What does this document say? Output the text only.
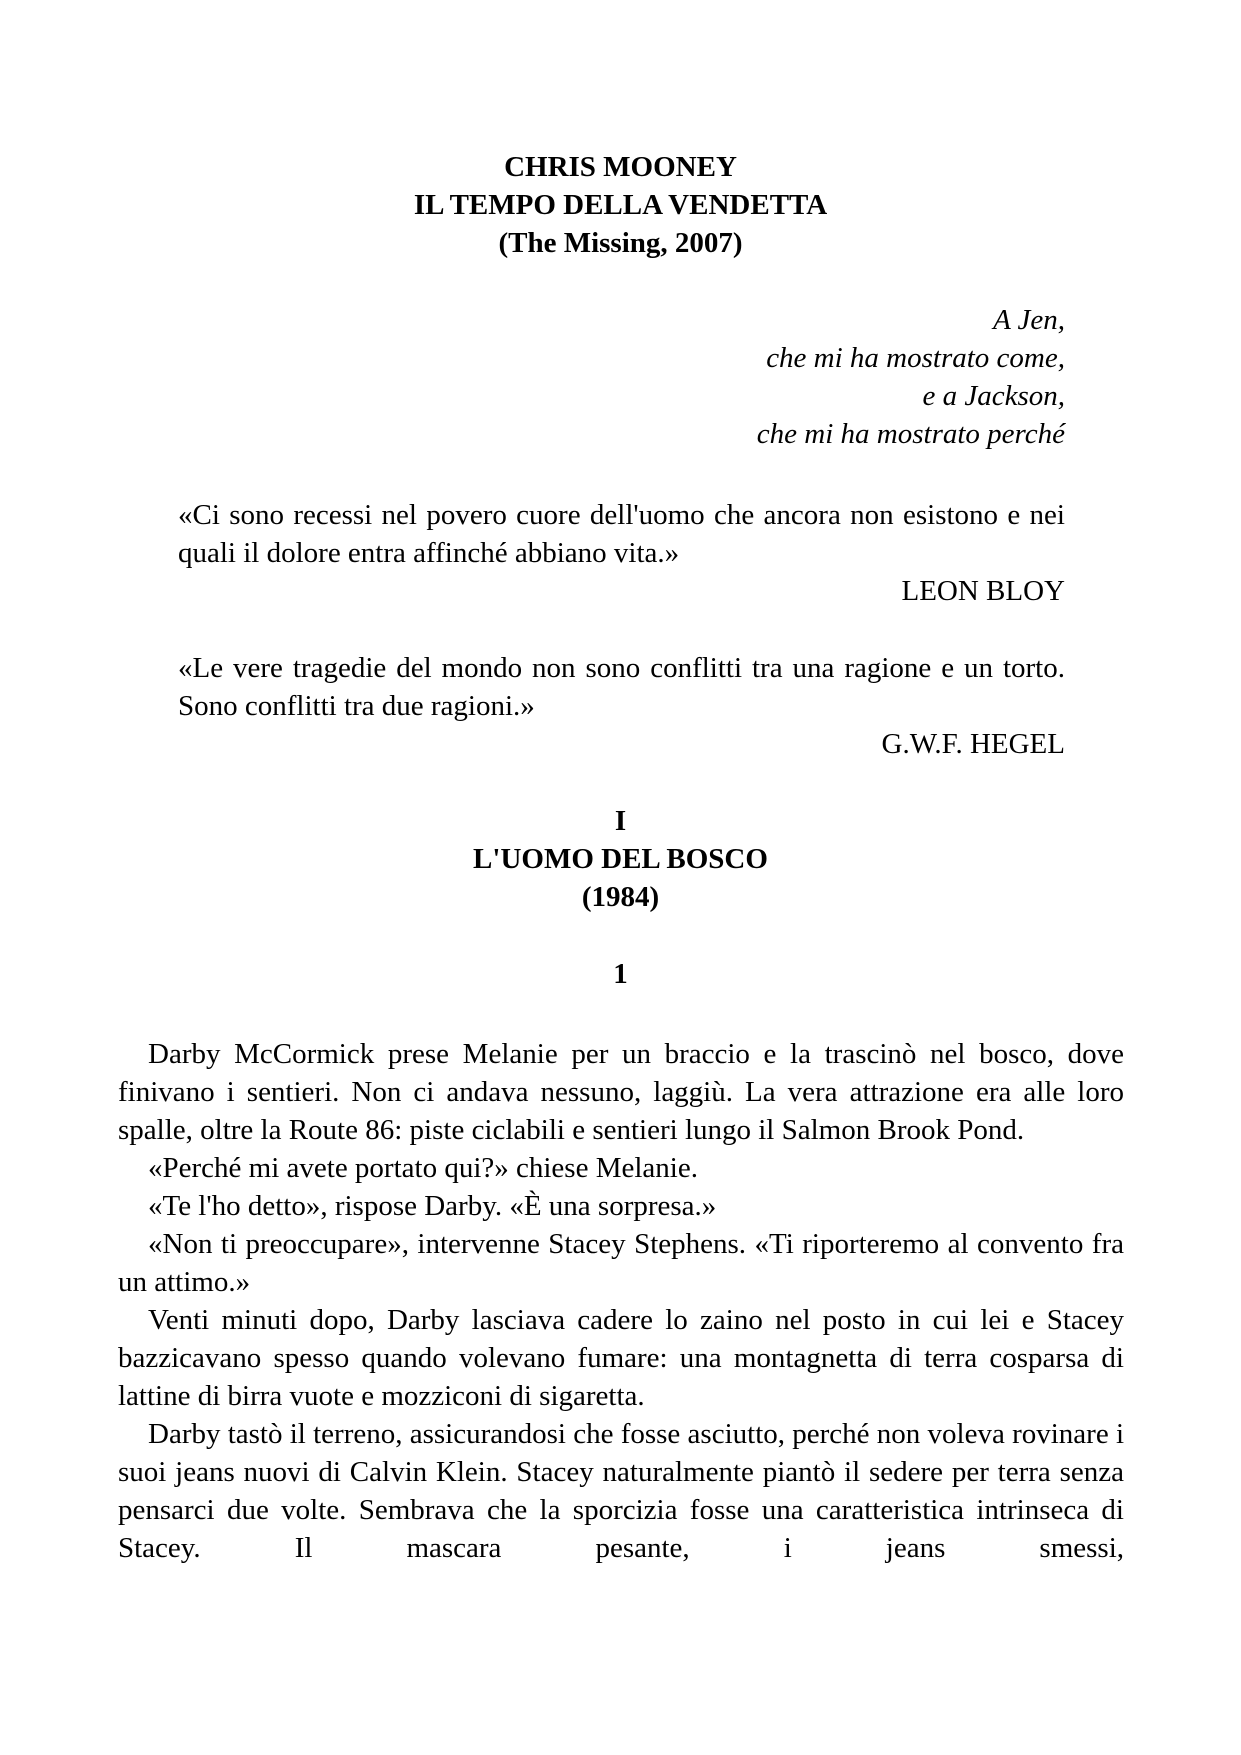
CHRIS MOONEY
IL TEMPO DELLA VENDETTA
(The Missing, 2007)
A Jen,
che mi ha mostrato come,
e a Jackson,
che mi ha mostrato perché
«Ci sono recessi nel povero cuore dell'uomo che ancora non esistono e nei quali il dolore entra affinché abbiano vita.»
LEON BLOY
«Le vere tragedie del mondo non sono conflitti tra una ragione e un torto. Sono conflitti tra due ragioni.»
G.W.F. HEGEL
I
L'UOMO DEL BOSCO
(1984)
1

Darby McCormick prese Melanie per un braccio e la trascinò nel bosco, dove finivano i sentieri. Non ci andava nessuno, laggiù. La vera attrazione era alle loro spalle, oltre la Route 86: piste ciclabili e sentieri lungo il Salmon Brook Pond.

«Perché mi avete portato qui?» chiese Melanie.

«Te l'ho detto», rispose Darby. «È una sorpresa.»

«Non ti preoccupare», intervenne Stacey Stephens. «Ti riporteremo al convento fra un attimo.»

Venti minuti dopo, Darby lasciava cadere lo zaino nel posto in cui lei e Stacey bazzicavano spesso quando volevano fumare: una montagnetta di terra cosparsa di lattine di birra vuote e mozziconi di sigaretta.

Darby tastò il terreno, assicurandosi che fosse asciutto, perché non voleva rovinare i suoi jeans nuovi di Calvin Klein. Stacey naturalmente piantò il sedere per terra senza pensarci due volte. Sembrava che la sporcizia fosse una caratteristica intrinseca di Stacey. Il mascara pesante, i jeans smessi,
